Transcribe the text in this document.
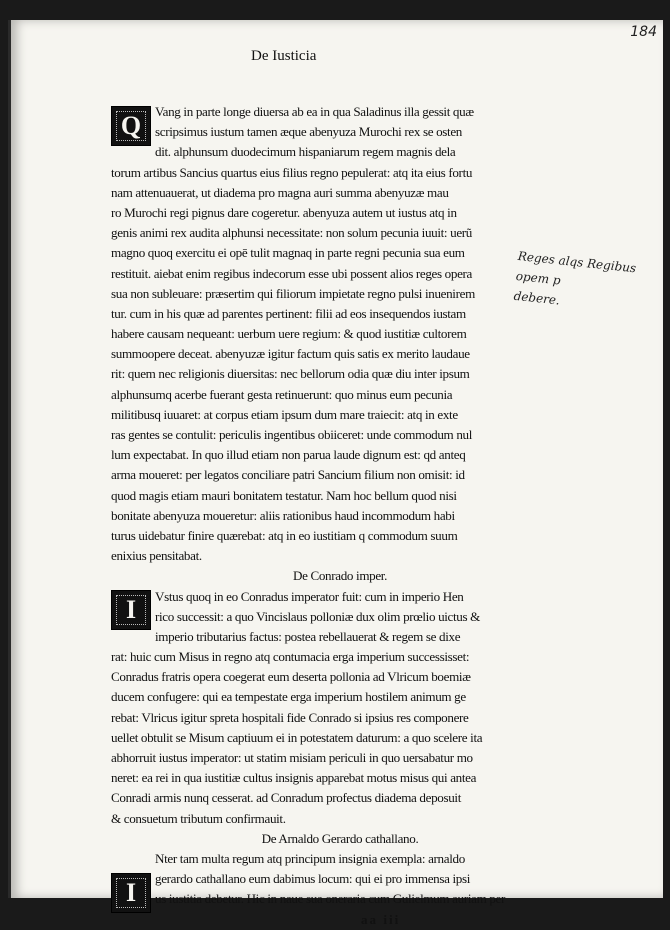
184
De Iusticia
Q	Vang in parte longe diuersa ab ea in qua Saladinus illa gessit quæ
scripsimus iustum tamen æque abenyuza Murochi rex se osten
dit. alphunsum duodecimum hispaniarum regem magnis dela
torum artibus Sancius quartus eius filius regno pepulerat: atq ita eius fortu
nam attenuauerat, ut diadema pro magna auri summa abenyuzæ mau
ro Murochi regi pignus dare cogeretur. abenyuza autem ut iustus atq in
genis animi rex audita alphunsi necessitate: non solum pecunia iuuit: uerũ
magno quoq exercitu ei opē tulit magnaq in parte regni pecunia sua eum
restituit. aiebat enim regibus indecorum esse ubi possent alios reges opera
sua non subleuare: præsertim qui filiorum impietate regno pulsi inuenirem
tur. cum in his quæ ad parentes pertinent: filii ad eos insequendos iustam
habere causam nequeant: uerbum uere regium: & quod iustitiæ cultorem
summoopere deceat. abenyuzæ igitur factum quis satis ex merito laudaue
rit: quem nec religionis diuersitas: nec bellorum odia quæ diu inter ipsum
alphunsumq acerbe fuerant gesta retinuerunt: quo minus eum pecunia
militibusq iuuaret: at corpus etiam ipsum dum mare traiecit: atq in exte
ras gentes se contulit: periculis ingentibus obiiceret: unde commodum nul
lum expectabat. In quo illud etiam non parua laude dignum est: qd anteq
arma moueret: per legatos conciliare patri Sancium filium non omisit: id
quod magis etiam mauri bonitatem testatur. Nam hoc bellum quod nisi
bonitate abenyuza moueretur: aliis rationibus haud incommodum habi
turus uidebatur finire quærebat: atq in eo iustitiam q commodum suum
enixius pensitabat.
De Conrado imper.
I	Vstus quoq in eo Conradus imperator fuit: cum in imperio Hen
rico successit: a quo Vincislaus polloniæ dux olim prœlio uictus &
imperio tributarius factus: postea rebellauerat & regem se dixe
rat: huic cum Misus in regno atq contumacia erga imperium successisset:
Conradus fratris opera coegerat eum deserta pollonia ad Vlricum boemiæ
ducem confugere: qui ea tempestate erga imperium hostilem animum ge
rebat: Vlricus igitur spreta hospitali fide Conrado si ipsius res componere
uellet obtulit se Misum captiuum ei in potestatem daturum: a quo scelere ita
abhorruit iustus imperator: ut statim misiam periculi in quo uersabatur mo
neret: ea rei in qua iustitiæ cultus insignis apparebat motus misus qui antea
Conradi armis nunq cesserat. ad Conradum profectus diadema deposuit
& consuetum tributum confirmauit.
De Arnaldo Gerardo cathallano.
I
Nter tam multa regum atq principum insignia exempla: arnaldo
gerardo cathallano eum dabimus locum: qui ei pro immensa ipsi
us iustitia debetur. Hic in naue sua oneraria cum Gulielmum auriam per
aa iii
Reges alqs Regibus opem p
debere.
